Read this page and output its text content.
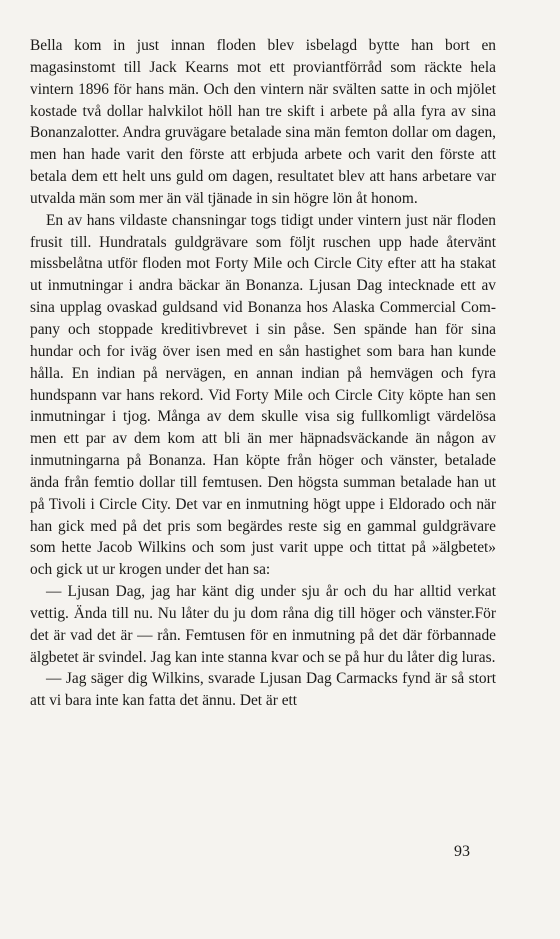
Bella kom in just innan floden blev isbelagd bytte han bort en magasinstomt till Jack Kearns mot ett proviantförråd som räckte hela vintern 1896 för hans män. Och den vintern när svälten satte in och mjölet kostade två dollar halvkilot höll han tre skift i arbete på alla fyra av sina Bonanzalotter. Andra gruvägare betalade sina män femton dollar om dagen, men han hade varit den förste att erbjuda arbete och varit den förste att betala dem ett helt uns guld om dagen, resultatet blev att hans arbetare var utvalda män som mer än väl tjänade in sin högre lön åt honom.

En av hans vildaste chansningar togs tidigt under vintern just när floden frusit till. Hundratals guldgrävare som följt ruschen upp hade återvänt missbelåtna utför floden mot Forty Mile och Circle City efter att ha stakat ut inmutningar i andra bäckar än Bonanza. Ljusan Dag intecknade ett av sina upplag ovaskad guldsand vid Bonanza hos Alaska Commercial Company och stoppade kreditivbrevet i sin påse. Sen spände han för sina hundar och for iväg över isen med en sån hastighet som bara han kunde hålla. En indian på nervägen, en annan indian på hemvägen och fyra hundspann var hans rekord. Vid Forty Mile och Circle City köpte han sen inmutningar i tjog. Många av dem skulle visa sig fullkomligt värdelösa men ett par av dem kom att bli än mer häpnadsväckande än någon av inmutningarna på Bonanza. Han köpte från höger och vänster, betalade ända från femtio dollar till femtusen. Den högsta summan betalade han ut på Tivoli i Circle City. Det var en inmutning högt uppe i Eldorado och när han gick med på det pris som begärdes reste sig en gammal guldgrävare som hette Jacob Wilkins och som just varit uppe och tittat på »älgbetet» och gick ut ur krogen under det han sa:

— Ljusan Dag, jag har känt dig under sju år och du har alltid verkat vettig. Ända till nu. Nu låter du ju dom råna dig till höger och vänster.För det är vad det är — rån. Femtusen för en inmutning på det där förbannade älgbetet är svindel. Jag kan inte stanna kvar och se på hur du låter dig luras.

— Jag säger dig Wilkins, svarade Ljusan Dag Carmacks fynd är så stort att vi bara inte kan fatta det ännu. Det är ett

93
